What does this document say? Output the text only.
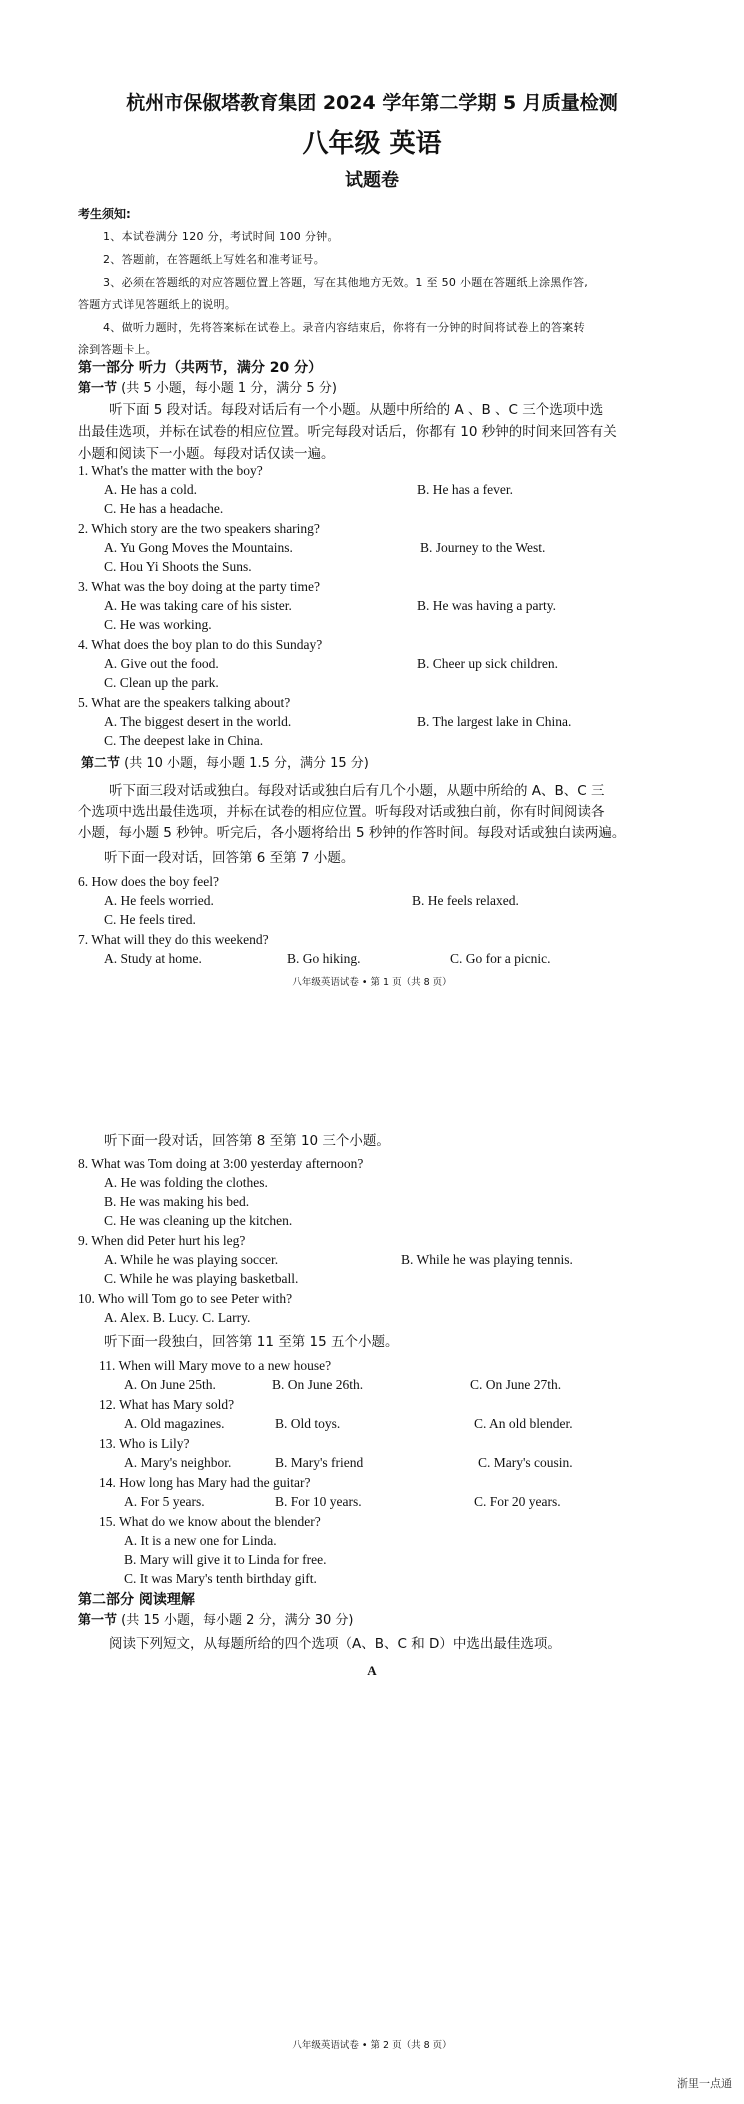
杭州市保俶塔教育集团 2024 学年第二学期 5 月质量检测
八年级 英语
试题卷
考生须知:
1、本试卷满分 120 分，考试时间 100 分钟。
2、答题前，在答题纸上写姓名和准考证号。
3、必须在答题纸的对应答题位置上答题，写在其他地方无效。1 至 50 小题在答题纸上涂黑作答,
答题方式详见答题纸上的说明。
4、做听力题时，先将答案标在试卷上。录音内容结束后，你将有一分钟的时间将试卷上的答案转
涂到答题卡上。
第一部分 听力（共两节，满分 20 分）
第一节 (共 5 小题，每小题 1 分，满分 5 分)
听下面 5 段对话。每段对话后有一个小题。从题中所给的 A 、B 、C 三个选项中选
出最佳选项，并标在试卷的相应位置。听完每段对话后，你都有 10 秒钟的时间来回答有关
小题和阅读下一小题。每段对话仅读一遍。
1. What's the matter with the boy?
A. He has a cold.	B. He has a fever.
C. He has a headache.
2. Which story are the two speakers sharing?
A. Yu Gong Moves the Mountains.	B. Journey to the West.
C. Hou Yi Shoots the Suns.
3. What was the boy doing at the party time?
A. He was taking care of his sister.	B. He was having a party.
C. He was working.
4. What does the boy plan to do this Sunday?
A. Give out the food.	B. Cheer up sick children.
C. Clean up the park.
5. What are the speakers talking about?
A. The biggest desert in the world.	B. The largest lake in China.
C. The deepest lake in China.
第二节 (共 10 小题，每小题 1.5 分，满分 15 分)
听下面三段对话或独白。每段对话或独白后有几个小题，从题中所给的 A、B、C 三
个选项中选出最佳选项，并标在试卷的相应位置。听每段对话或独白前，你有时间阅读各
小题，每小题 5 秒钟。听完后，各小题将给出 5 秒钟的作答时间。每段对话或独白读两遍。
听下面一段对话，回答第 6 至第 7 小题。
6. How does the boy feel?
A. He feels worried.	B. He feels relaxed.
C. He feels tired.
7. What will they do this weekend?
A. Study at home.	B. Go hiking.	C. Go for a picnic.
八年级英语试卷 • 第 1 页（共 8 页）
听下面一段对话，回答第 8 至第 10 三个小题。
8. What was Tom doing at 3:00 yesterday afternoon?
A. He was folding the clothes.
B. He was making his bed.
C. He was cleaning up the kitchen.
9. When did Peter hurt his leg?
A. While he was playing soccer.	B. While he was playing tennis.
C. While he was playing basketball.
10. Who will Tom go to see Peter with?
A. Alex. B. Lucy. C. Larry.
听下面一段独白，回答第 11 至第 15 五个小题。
11. When will Mary move to a new house?
A. On June 25th.	B. On June 26th.	C. On June 27th.
12. What has Mary sold?
A. Old magazines.	B. Old toys.	C. An old blender.
13. Who is Lily?
A. Mary's neighbor.	B. Mary's friend	C. Mary's cousin.
14. How long has Mary had the guitar?
A. For 5 years.	B. For 10 years.	C. For 20 years.
15. What do we know about the blender?
A. It is a new one for Linda.
B. Mary will give it to Linda for free.
C. It was Mary's tenth birthday gift.
第二部分 阅读理解
第一节 (共 15 小题，每小题 2 分，满分 30 分)
阅读下列短文，从每题所给的四个选项（A、B、C 和 D）中选出最佳选项。
A
八年级英语试卷 • 第 2 页（共 8 页）
浙里一点通
